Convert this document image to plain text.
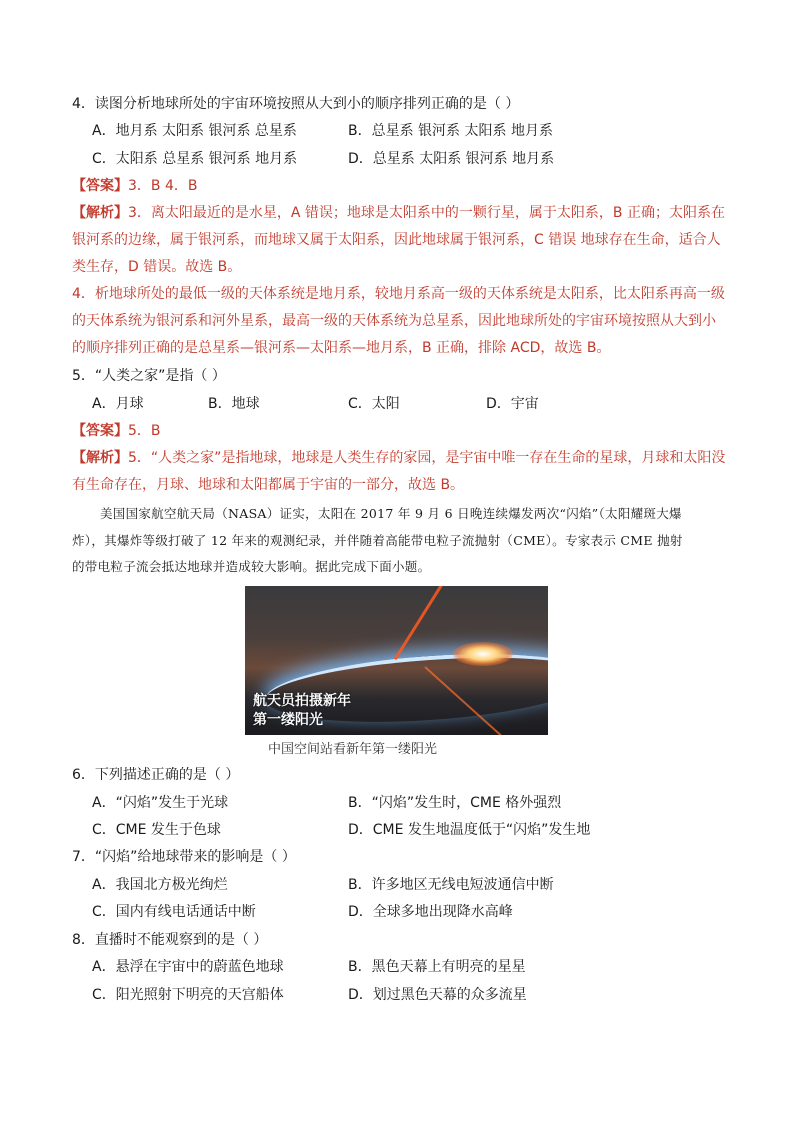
4．读图分析地球所处的宇宙环境按照从大到小的顺序排列正确的是（ ）
A．地月系 太阳系 银河系 总星系	B．总星系 银河系 太阳系 地月系
C．太阳系 总星系 银河系 地月系	D．总星系 太阳系 银河系 地月系
【答案】3．B 4．B
【解析】3．离太阳最近的是水星，A 错误；地球是太阳系中的一颗行星，属于太阳系，B 正确；太阳系在
银河系的边缘，属于银河系，而地球又属于太阳系，因此地球属于银河系，C 错误 地球存在生命，适合人
类生存，D 错误。故选 B。
4．析地球所处的最低一级的天体系统是地月系，较地月系高一级的天体系统是太阳系，比太阳系再高一级
的天体系统为银河系和河外星系，最高一级的天体系统为总星系，因此地球所处的宇宙环境按照从大到小
的顺序排列正确的是总星系—银河系—太阳系—地月系，B 正确，排除 ACD，故选 B。
5．“人类之家”是指（ ）
A．月球	B．地球	C．太阳	D．宇宙
【答案】5．B
【解析】5．“人类之家”是指地球，地球是人类生存的家园，是宇宙中唯一存在生命的星球，月球和太阳没
有生命存在，月球、地球和太阳都属于宇宙的一部分，故选 B。
美国国家航空航天局（NASA）证实，太阳在 2017 年 9 月 6 日晚连续爆发两次“闪焰”（太阳耀斑大爆
炸），其爆炸等级打破了 12 年来的观测纪录，并伴随着高能带电粒子流抛射（CME）。专家表示 CME 抛射
的带电粒子流会抵达地球并造成较大影响。据此完成下面小题。
航天员拍摄新年
第一缕阳光
中国空间站看新年第一缕阳光
6．下列描述正确的是（ ）
A．“闪焰”发生于光球	B．“闪焰”发生时，CME 格外强烈
C．CME 发生于色球	D．CME 发生地温度低于“闪焰”发生地
7．“闪焰”给地球带来的影响是（ ）
A．我国北方极光绚烂	B．许多地区无线电短波通信中断
C．国内有线电话通话中断	D．全球多地出现降水高峰
8．直播时不能观察到的是（ ）
A．悬浮在宇宙中的蔚蓝色地球	B．黑色天幕上有明亮的星星
C．阳光照射下明亮的天宫船体	D．划过黑色天幕的众多流星
